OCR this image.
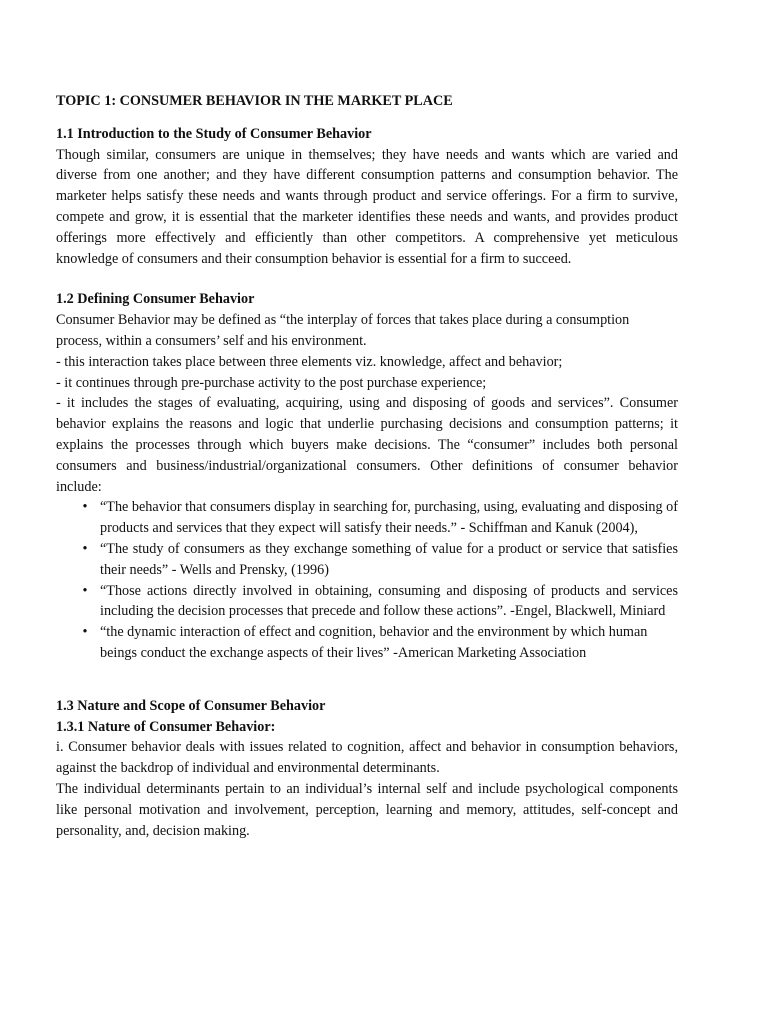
TOPIC 1: CONSUMER BEHAVIOR IN THE MARKET PLACE
1.1 Introduction to the Study of Consumer Behavior

Though similar, consumers are unique in themselves; they have needs and wants which are varied and diverse from one another; and they have different consumption patterns and consumption behavior. The marketer helps satisfy these needs and wants through product and service offerings. For a firm to survive, compete and grow, it is essential that the marketer identifies these needs and wants, and provides product offerings more effectively and efficiently than other competitors. A comprehensive yet meticulous knowledge of consumers and their consumption behavior is essential for a firm to succeed.

1.2 Defining Consumer Behavior

Consumer Behavior may be defined as “the interplay of forces that takes place during a consumption process, within a consumers’ self and his environment.

- this interaction takes place between three elements viz. knowledge, affect and behavior;

- it continues through pre-purchase activity to the post purchase experience;

- it includes the stages of evaluating, acquiring, using and disposing of goods and services”. Consumer behavior explains the reasons and logic that underlie purchasing decisions and consumption patterns; it explains the processes through which buyers make decisions. The “consumer” includes both personal consumers and business/industrial/organizational consumers. Other definitions of consumer behavior include:

• “The behavior that consumers display in searching for, purchasing, using, evaluating and disposing of products and services that they expect will satisfy their needs.” - Schiffman and Kanuk (2004),
• “The study of consumers as they exchange something of value for a product or service that satisfies their needs” - Wells and Prensky, (1996)
• “Those actions directly involved in obtaining, consuming and disposing of products and services including the decision processes that precede and follow these actions”. -Engel, Blackwell, Miniard
• “the dynamic interaction of effect and cognition, behavior and the environment by which human beings conduct the exchange aspects of their lives” -American Marketing Association
1.3 Nature and Scope of Consumer Behavior
1.3.1 Nature of Consumer Behavior:

i. Consumer behavior deals with issues related to cognition, affect and behavior in consumption behaviors, against the backdrop of individual and environmental determinants.

The individual determinants pertain to an individual’s internal self and include psychological components like personal motivation and involvement, perception, learning and memory, attitudes, self-concept and personality, and, decision making.
